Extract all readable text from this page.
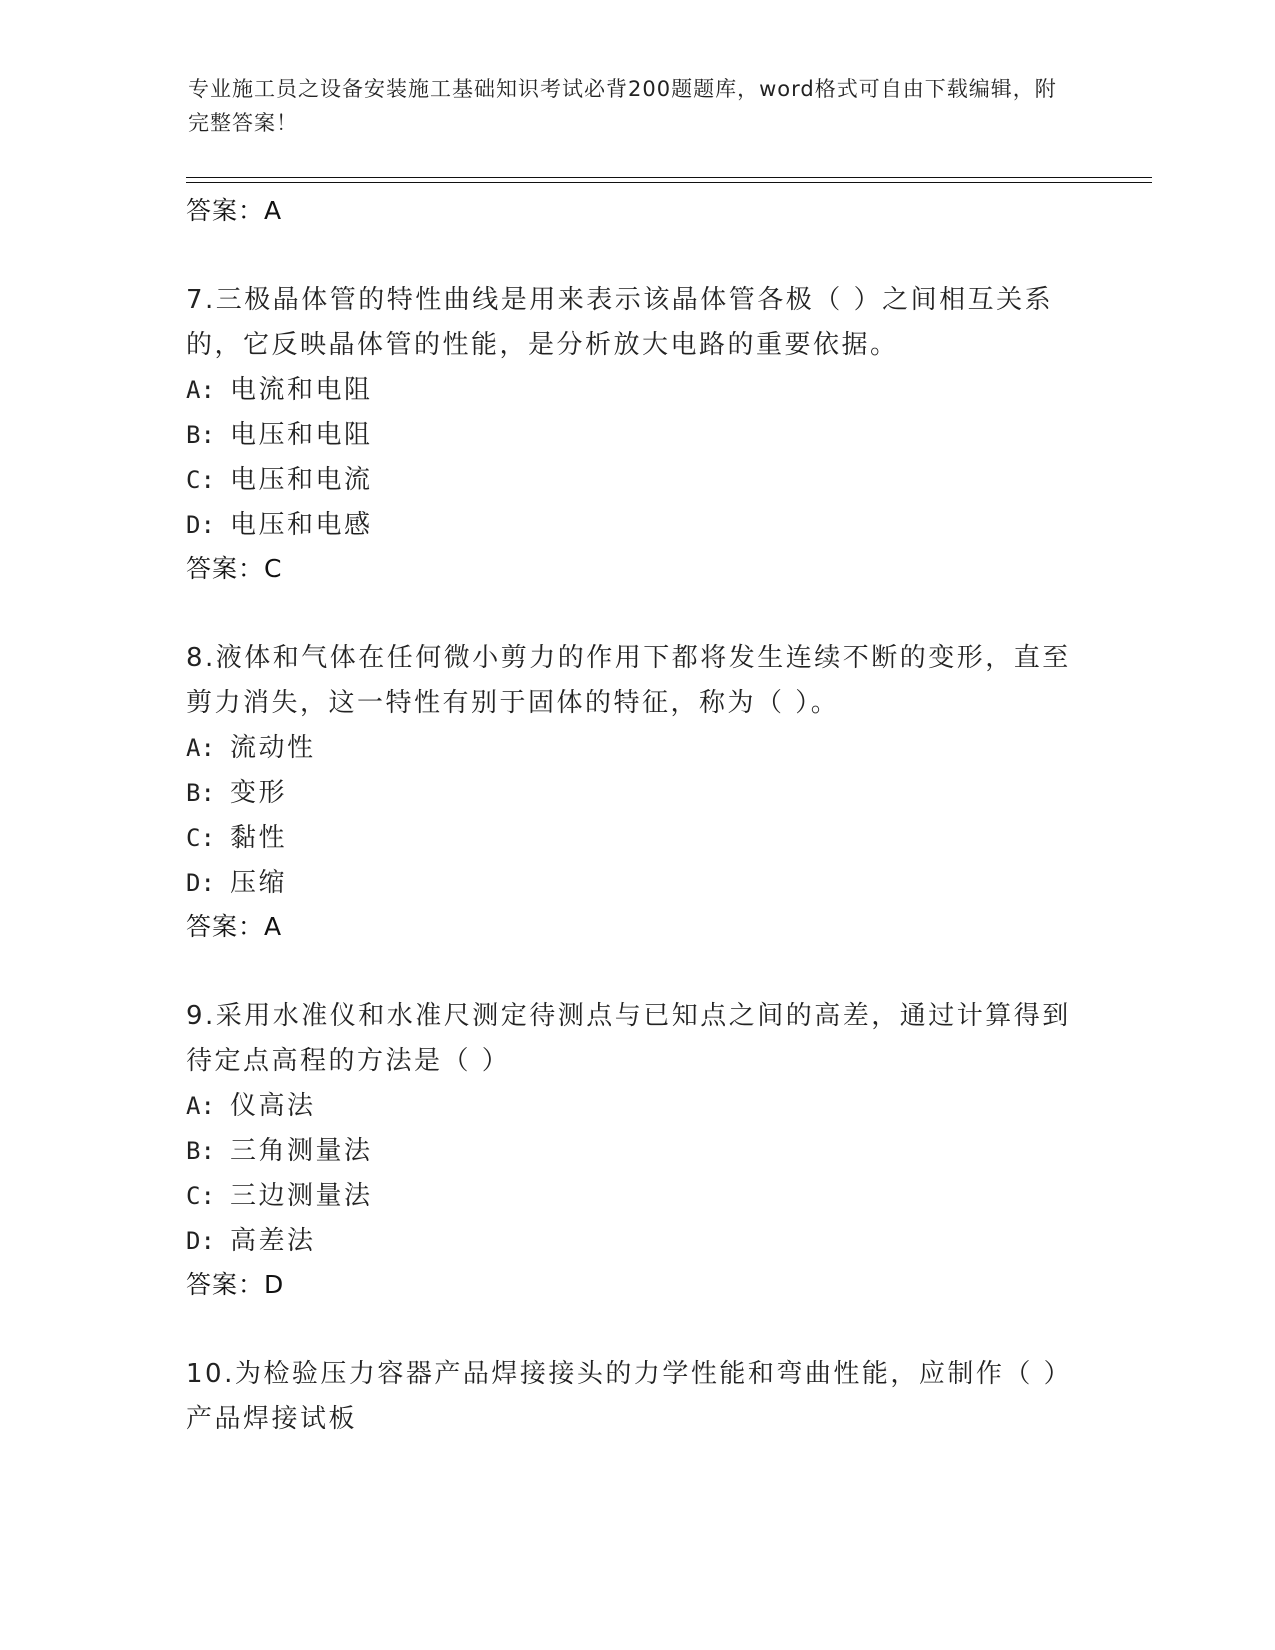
专业施工员之设备安装施工基础知识考试必背200题题库，word格式可自由下载编辑，附完整答案！
答案：A
7.三极晶体管的特性曲线是用来表示该晶体管各极（ ）之间相互关系的，它反映晶体管的性能，是分析放大电路的重要依据。
A: 电流和电阻
B: 电压和电阻
C: 电压和电流
D: 电压和电感
答案：C
8.液体和气体在任何微小剪力的作用下都将发生连续不断的变形，直至剪力消失，这一特性有别于固体的特征，称为（ ）。
A: 流动性
B: 变形
C: 黏性
D: 压缩
答案：A
9.采用水准仪和水准尺测定待测点与已知点之间的高差，通过计算得到待定点高程的方法是（ ）
A: 仪高法
B: 三角测量法
C: 三边测量法
D: 高差法
答案：D
10.为检验压力容器产品焊接接头的力学性能和弯曲性能，应制作（ ）产品焊接试板
